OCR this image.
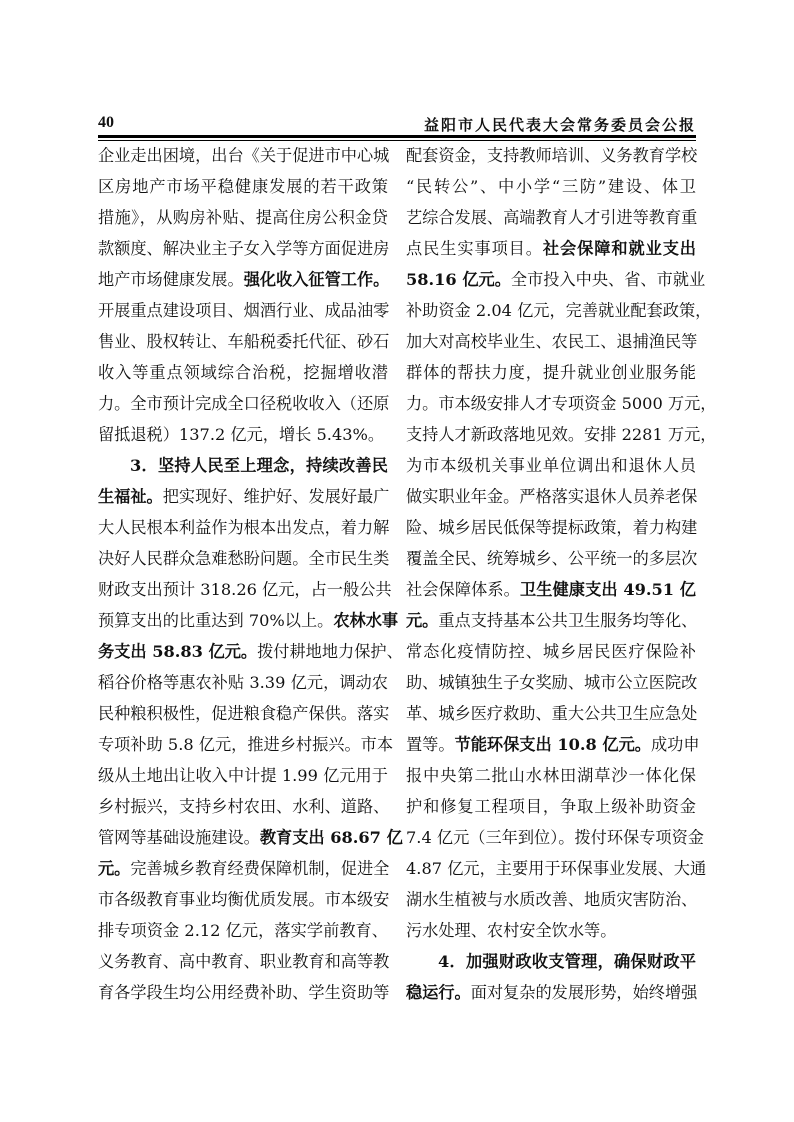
40	益阳市人民代表大会常务委员会公报
企业走出困境，出台《关于促进市中心城
区房地产市场平稳健康发展的若干政策
措施》，从购房补贴、提高住房公积金贷
款额度、解决业主子女入学等方面促进房
地产市场健康发展。强化收入征管工作。
开展重点建设项目、烟酒行业、成品油零
售业、股权转让、车船税委托代征、砂石
收入等重点领域综合治税，挖掘增收潜
力。全市预计完成全口径税收收入（还原
留抵退税）137.2 亿元，增长 5.43%。
3．坚持人民至上理念，持续改善民
生福祉。把实现好、维护好、发展好最广
大人民根本利益作为根本出发点，着力解
决好人民群众急难愁盼问题。全市民生类
财政支出预计 318.26 亿元，占一般公共
预算支出的比重达到 70%以上。农林水事
务支出 58.83 亿元。拨付耕地地力保护、
稻谷价格等惠农补贴 3.39 亿元，调动农
民种粮积极性，促进粮食稳产保供。落实
专项补助 5.8 亿元，推进乡村振兴。市本
级从土地出让收入中计提 1.99 亿元用于
乡村振兴，支持乡村农田、水利、道路、
管网等基础设施建设。教育支出 68.67 亿
元。完善城乡教育经费保障机制，促进全
市各级教育事业均衡优质发展。市本级安
排专项资金 2.12 亿元，落实学前教育、
义务教育、高中教育、职业教育和高等教
育各学段生均公用经费补助、学生资助等
配套资金，支持教师培训、义务教育学校
“民转公”、中小学“三防”建设、体卫
艺综合发展、高端教育人才引进等教育重
点民生实事项目。社会保障和就业支出
58.16 亿元。全市投入中央、省、市就业
补助资金 2.04 亿元，完善就业配套政策，
加大对高校毕业生、农民工、退捕渔民等
群体的帮扶力度，提升就业创业服务能
力。市本级安排人才专项资金 5000 万元，
支持人才新政落地见效。安排 2281 万元，
为市本级机关事业单位调出和退休人员
做实职业年金。严格落实退休人员养老保
险、城乡居民低保等提标政策，着力构建
覆盖全民、统筹城乡、公平统一的多层次
社会保障体系。卫生健康支出 49.51 亿
元。重点支持基本公共卫生服务均等化、
常态化疫情防控、城乡居民医疗保险补
助、城镇独生子女奖励、城市公立医院改
革、城乡医疗救助、重大公共卫生应急处
置等。节能环保支出 10.8 亿元。成功申
报中央第二批山水林田湖草沙一体化保
护和修复工程项目，争取上级补助资金
7.4 亿元（三年到位）。拨付环保专项资金
4.87 亿元，主要用于环保事业发展、大通
湖水生植被与水质改善、地质灾害防治、
污水处理、农村安全饮水等。
4．加强财政收支管理，确保财政平
稳运行。面对复杂的发展形势，始终增强
